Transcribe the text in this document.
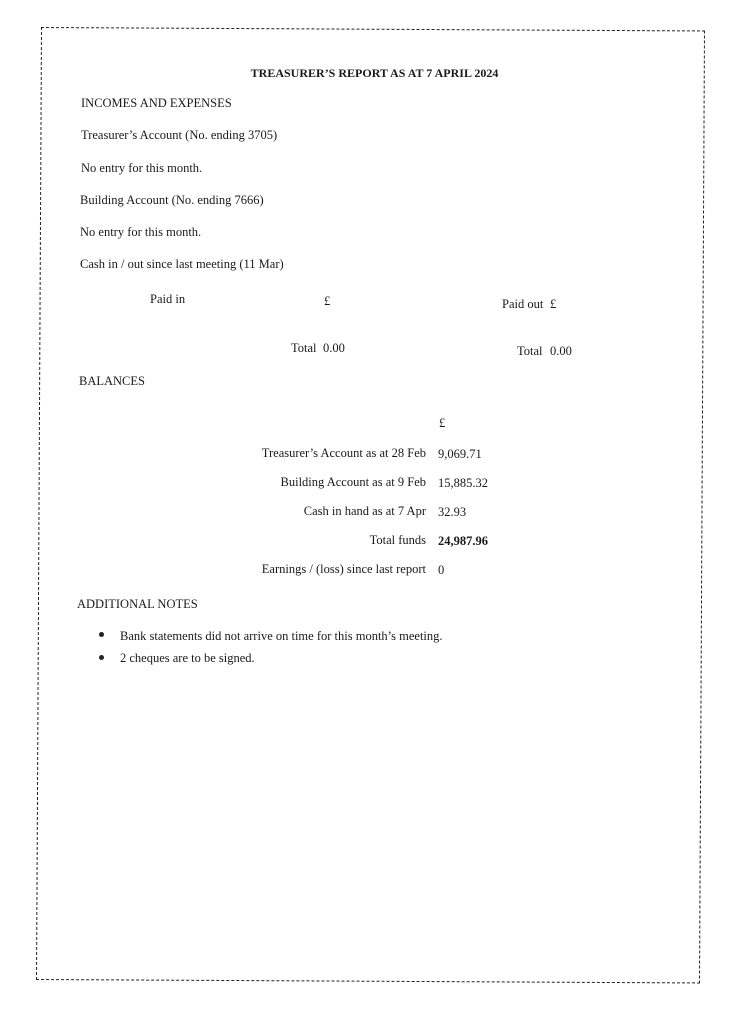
TREASURER’S REPORT AS AT 7 APRIL 2024
INCOMES AND EXPENSES
Treasurer’s Account (No. ending 3705)
No entry for this month.
Building Account (No. ending 7666)
No entry for this month.
Cash in / out since last meeting (11 Mar)
Paid in	£	Paid out £
Total 0.00	Total 0.00
BALANCES
£
Treasurer’s Account as at 28 Feb 9,069.71
Building Account as at 9 Feb 15,885.32
Cash in hand as at 7 Apr 32.93
Total funds 24,987.96
Earnings / (loss) since last report 0
ADDITIONAL NOTES
Bank statements did not arrive on time for this month’s meeting.
2 cheques are to be signed.
